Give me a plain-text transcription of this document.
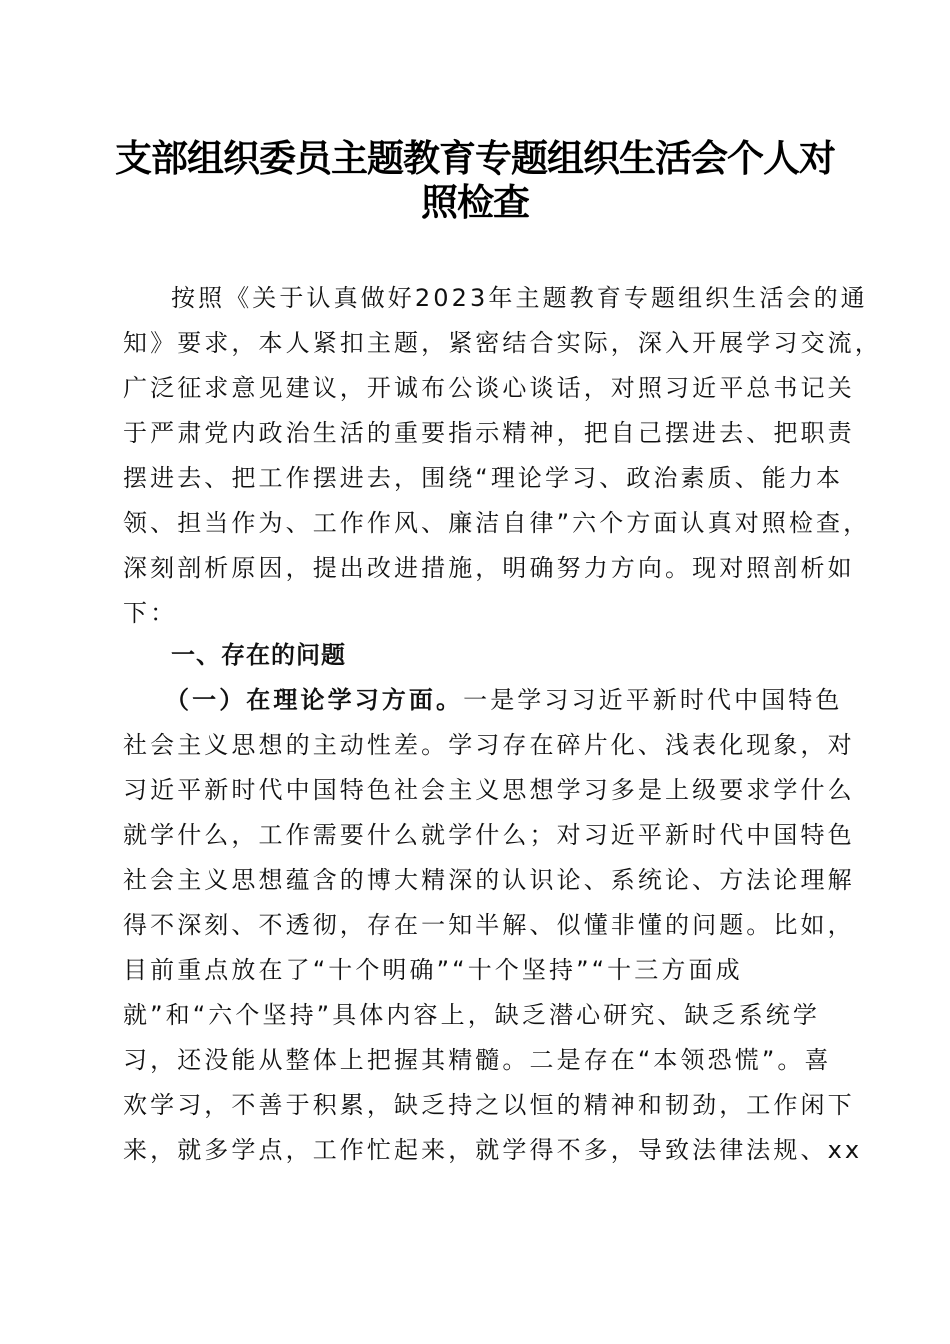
支部组织委员主题教育专题组织生活会个人对
照检查
按照《关于认真做好2023年主题教育专题组织生活会的通
知》要求，本人紧扣主题，紧密结合实际，深入开展学习交流，
广泛征求意见建议，开诚布公谈心谈话，对照习近平总书记关
于严肃党内政治生活的重要指示精神，把自己摆进去、把职责
摆进去、把工作摆进去，围绕“理论学习、政治素质、能力本
领、担当作为、工作作风、廉洁自律”六个方面认真对照检查，
深刻剖析原因，提出改进措施，明确努力方向。现对照剖析如
下：
一、存在的问题
（一）在理论学习方面。一是学习习近平新时代中国特色
社会主义思想的主动性差。学习存在碎片化、浅表化现象，对
习近平新时代中国特色社会主义思想学习多是上级要求学什么
就学什么，工作需要什么就学什么；对习近平新时代中国特色
社会主义思想蕴含的博大精深的认识论、系统论、方法论理解
得不深刻、不透彻，存在一知半解、似懂非懂的问题。比如，
目前重点放在了“十个明确”“十个坚持”“十三方面成
就”和“六个坚持”具体内容上，缺乏潜心研究、缺乏系统学
习，还没能从整体上把握其精髓。二是存在“本领恐慌”。喜
欢学习，不善于积累，缺乏持之以恒的精神和韧劲，工作闲下
来，就多学点，工作忙起来，就学得不多，导致法律法规、xx
